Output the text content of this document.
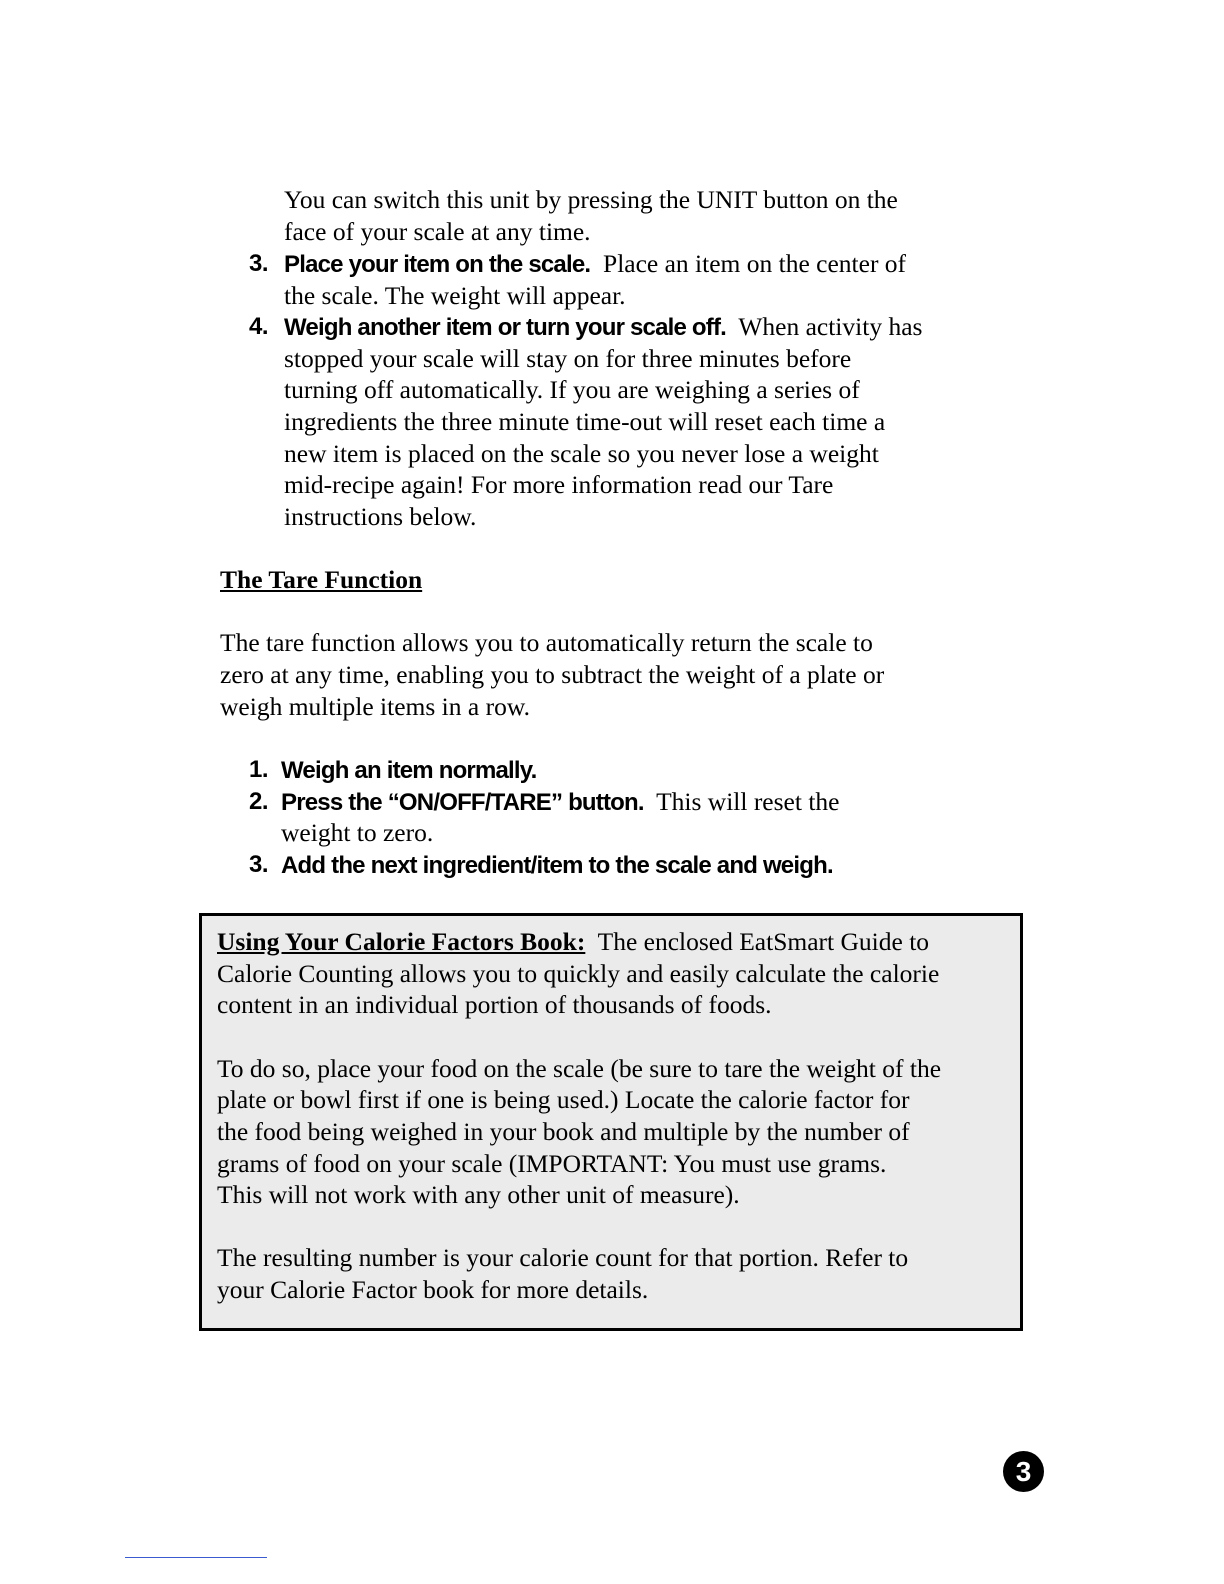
You can switch this unit by pressing the UNIT button on the
face of your scale at any time.
3. Place your item on the scale. Place an item on the center of
the scale. The weight will appear.
4. Weigh another item or turn your scale off. When activity has
stopped your scale will stay on for three minutes before
turning off automatically. If you are weighing a series of
ingredients the three minute time-out will reset each time a
new item is placed on the scale so you never lose a weight
mid-recipe again! For more information read our Tare
instructions below.
The Tare Function
The tare function allows you to automatically return the scale to
zero at any time, enabling you to subtract the weight of a plate or
weigh multiple items in a row.
1. Weigh an item normally.
2. Press the “ON/OFF/TARE” button. This will reset the
weight to zero.
3. Add the next ingredient/item to the scale and weigh.
Using Your Calorie Factors Book: The enclosed EatSmart Guide to
Calorie Counting allows you to quickly and easily calculate the calorie
content in an individual portion of thousands of foods.
To do so, place your food on the scale (be sure to tare the weight of the
plate or bowl first if one is being used.) Locate the calorie factor for
the food being weighed in your book and multiple by the number of
grams of food on your scale (IMPORTANT: You must use grams.
This will not work with any other unit of measure).
The resulting number is your calorie count for that portion. Refer to
your Calorie Factor book for more details.
3
